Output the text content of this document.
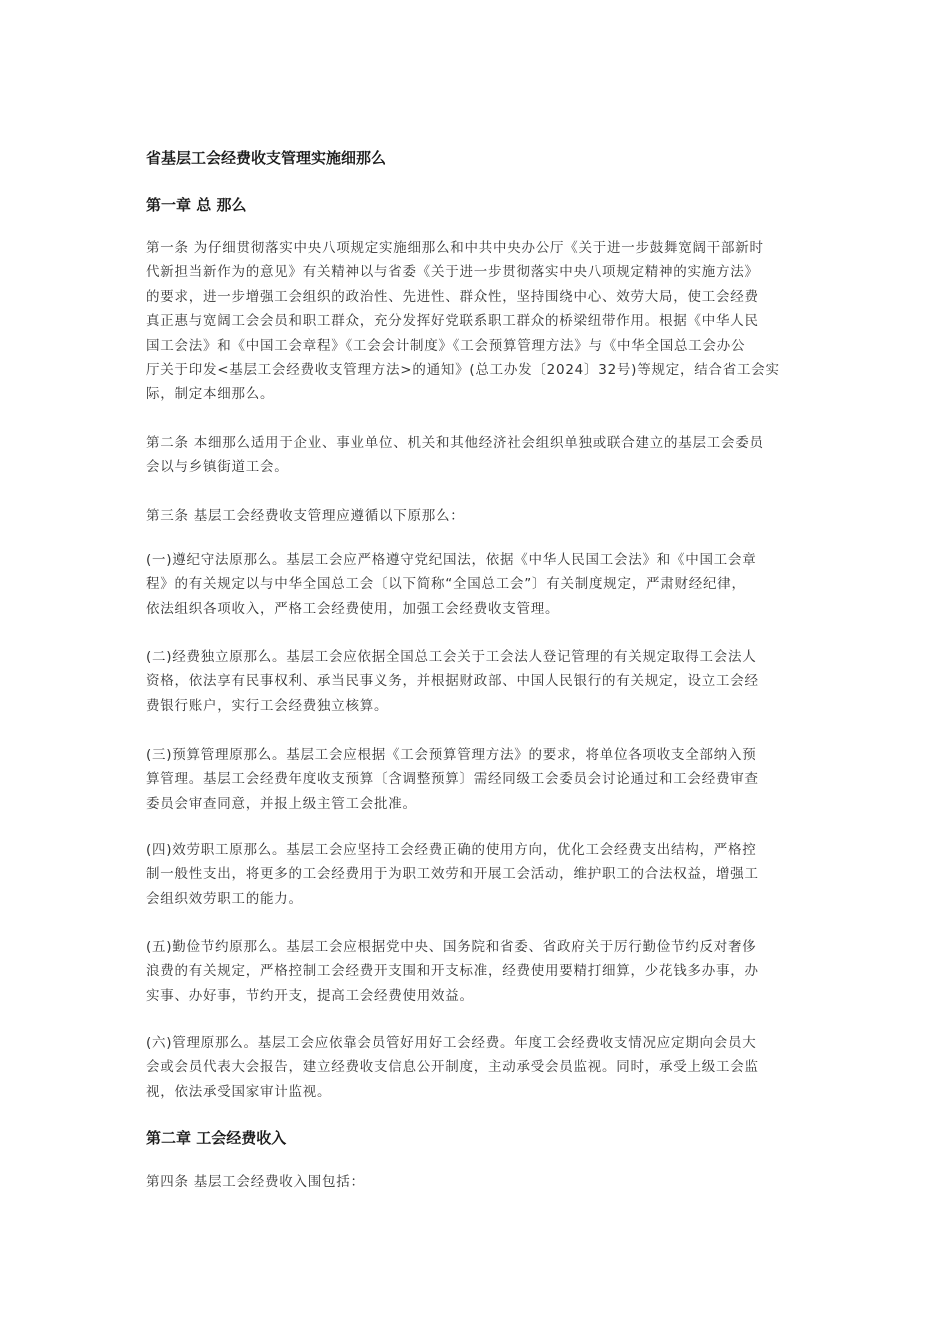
省基层工会经费收支管理实施细那么
第一章 总 那么
第一条 为仔细贯彻落实中央八项规定实施细那么和中共中央办公厅《关于进一步鼓舞宽阔干部新时
代新担当新作为的意见》有关精神以与省委《关于进一步贯彻落实中央八项规定精神的实施方法》
的要求，进一步增强工会组织的政治性、先进性、群众性，坚持围绕中心、效劳大局，使工会经费
真正惠与宽阔工会会员和职工群众，充分发挥好党联系职工群众的桥梁纽带作用。根据《中华人民
国工会法》和《中国工会章程》《工会会计制度》《工会预算管理方法》与《中华全国总工会办公
厅关于印发<基层工会经费收支管理方法>的通知》(总工办发〔2024〕32号)等规定，结合省工会实
际，制定本细那么。
第二条 本细那么适用于企业、事业单位、机关和其他经济社会组织单独或联合建立的基层工会委员
会以与乡镇街道工会。
第三条 基层工会经费收支管理应遵循以下原那么：
(一)遵纪守法原那么。基层工会应严格遵守党纪国法，依据《中华人民国工会法》和《中国工会章
程》的有关规定以与中华全国总工会〔以下简称“全国总工会”〕有关制度规定，严肃财经纪律，
依法组织各项收入，严格工会经费使用，加强工会经费收支管理。
(二)经费独立原那么。基层工会应依据全国总工会关于工会法人登记管理的有关规定取得工会法人
资格，依法享有民事权利、承当民事义务，并根据财政部、中国人民银行的有关规定，设立工会经
费银行账户，实行工会经费独立核算。
(三)预算管理原那么。基层工会应根据《工会预算管理方法》的要求，将单位各项收支全部纳入预
算管理。基层工会经费年度收支预算〔含调整预算〕需经同级工会委员会讨论通过和工会经费审查
委员会审查同意，并报上级主管工会批准。
(四)效劳职工原那么。基层工会应坚持工会经费正确的使用方向，优化工会经费支出结构，严格控
制一般性支出，将更多的工会经费用于为职工效劳和开展工会活动，维护职工的合法权益，增强工
会组织效劳职工的能力。
(五)勤俭节约原那么。基层工会应根据党中央、国务院和省委、省政府关于厉行勤俭节约反对奢侈
浪费的有关规定，严格控制工会经费开支围和开支标准，经费使用要精打细算，少花钱多办事，办
实事、办好事，节约开支，提高工会经费使用效益。
(六)管理原那么。基层工会应依靠会员管好用好工会经费。年度工会经费收支情况应定期向会员大
会或会员代表大会报告，建立经费收支信息公开制度，主动承受会员监视。同时，承受上级工会监
视，依法承受国家审计监视。
第二章 工会经费收入
第四条 基层工会经费收入围包括：
